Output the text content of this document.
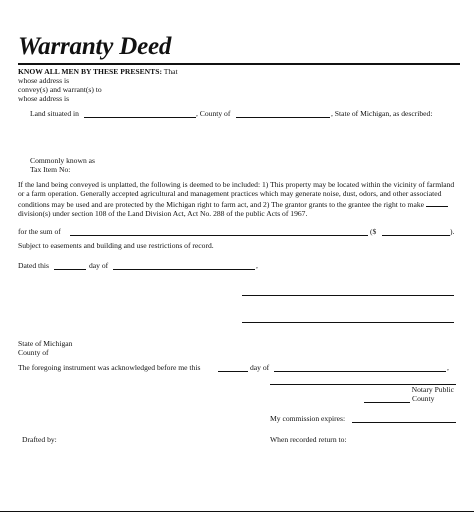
Warranty Deed
KNOW ALL MEN BY THESE PRESENTS: That
whose address is
convey(s) and warrant(s) to
whose address is
Land situated in	, County of	, State of Michigan, as described:
Commonly known as
Tax Item No:
If the land being conveyed is unplatted, the following is deemed to be included: 1) This property may be located within the vicinity of farmland or a farm operation. Generally accepted agricultural and management practices which may generate noise, dust, odors, and other associated conditions may be used and are protected by the Michigan right to farm act, and 2) The grantor grants to the grantee the right to make  division(s) under section 108 of the Land Division Act, Act No. 288 of the public Acts of 1967.
for the sum of	($	).
Subject to easements and building and use restrictions of record.
Dated this	day of	,
State of Michigan
County of
The foregoing instrument was acknowledged before me this	day of	,
Notary Public
County
My commission expires:
Drafted by:	When recorded return to:
